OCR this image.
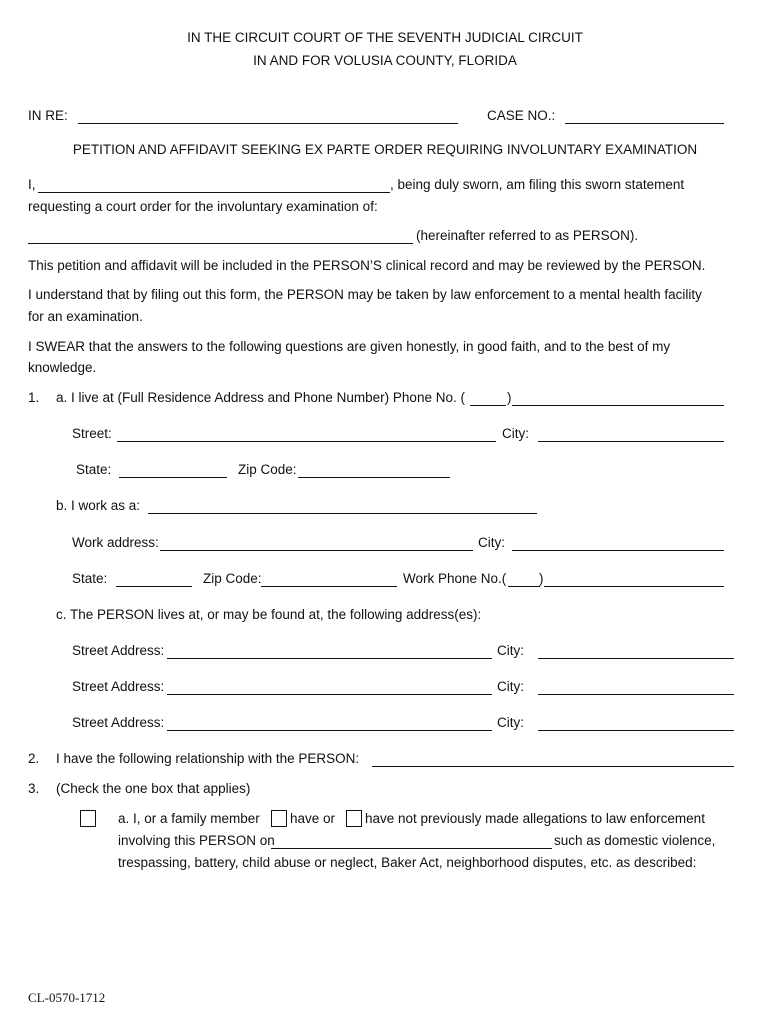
IN THE CIRCUIT COURT OF THE SEVENTH JUDICIAL CIRCUIT
IN AND FOR VOLUSIA COUNTY, FLORIDA
IN RE:	CASE NO.:
PETITION AND AFFIDAVIT SEEKING EX PARTE ORDER REQUIRING INVOLUNTARY EXAMINATION
I,	, being duly sworn, am filing this sworn statement
requesting a court order for the involuntary examination of:
(hereinafter referred to as PERSON).
This petition and affidavit will be included in the PERSON’S clinical record and may be reviewed by the PERSON.
I understand that by filing out this form, the PERSON may be taken by law enforcement to a mental health facility
for an examination.
I SWEAR that the answers to the following questions are given honestly, in good faith, and to the best of my
knowledge.
1. a. I live at (Full Residence Address and Phone Number) Phone No. (	)
Street:	City:
State:	Zip Code:
b. I work as a:
Work address:	City:
State:	Zip Code:	Work Phone No.( )
c. The PERSON lives at, or may be found at, the following address(es):
Street Address:	City:
Street Address:	City:
Street Address:	City:
2. I have the following relationship with the PERSON:
3. (Check the one box that applies)
a. I, or a family member have or have not previously made allegations to law enforcement
involving this PERSON on	such as domestic violence,
trespassing, battery, child abuse or neglect, Baker Act, neighborhood disputes, etc. as described:
CL-0570-1712
